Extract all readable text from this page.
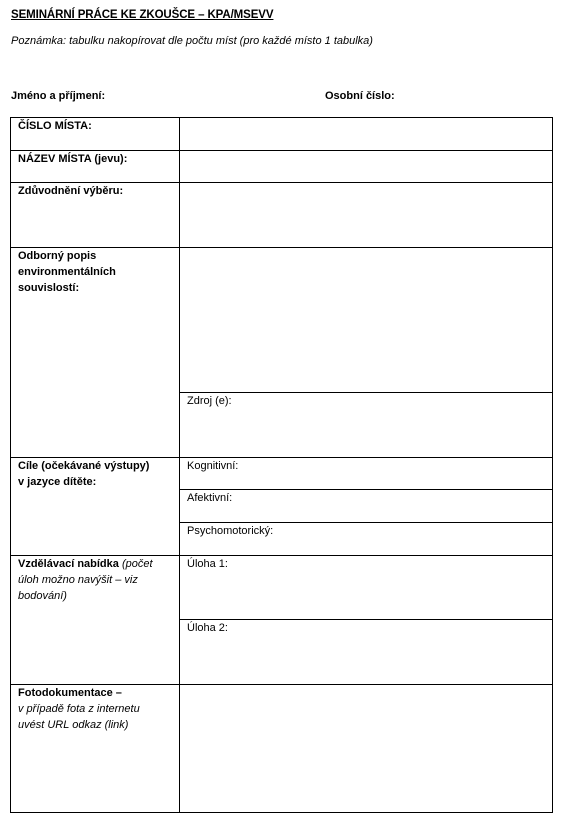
SEMINÁRNÍ PRÁCE KE ZKOUŠCE – KPA/MSEVV
Poznámka: tabulku nakopírovat dle počtu míst (pro každé místo 1 tabulka)
Jméno a příjmení:	Osobní číslo:
ČÍSLO MÍSTA:
NÁZEV MÍSTA (jevu):
Zdůvodnění výběru:
Odborný popis
environmentálních
souvislostí:
Cíle (očekávané výstupy)
v jazyce dítěte:
Vzdělávací nabídka (počet
úloh možno navýšit – viz
bodování)
Fotodokumentace –
v případě fota z internetu
uvést URL odkaz (link)
Zdroj (e):
Kognitivní:
Afektivní:
Psychomotorický:
Úloha 1:
Úloha 2:
